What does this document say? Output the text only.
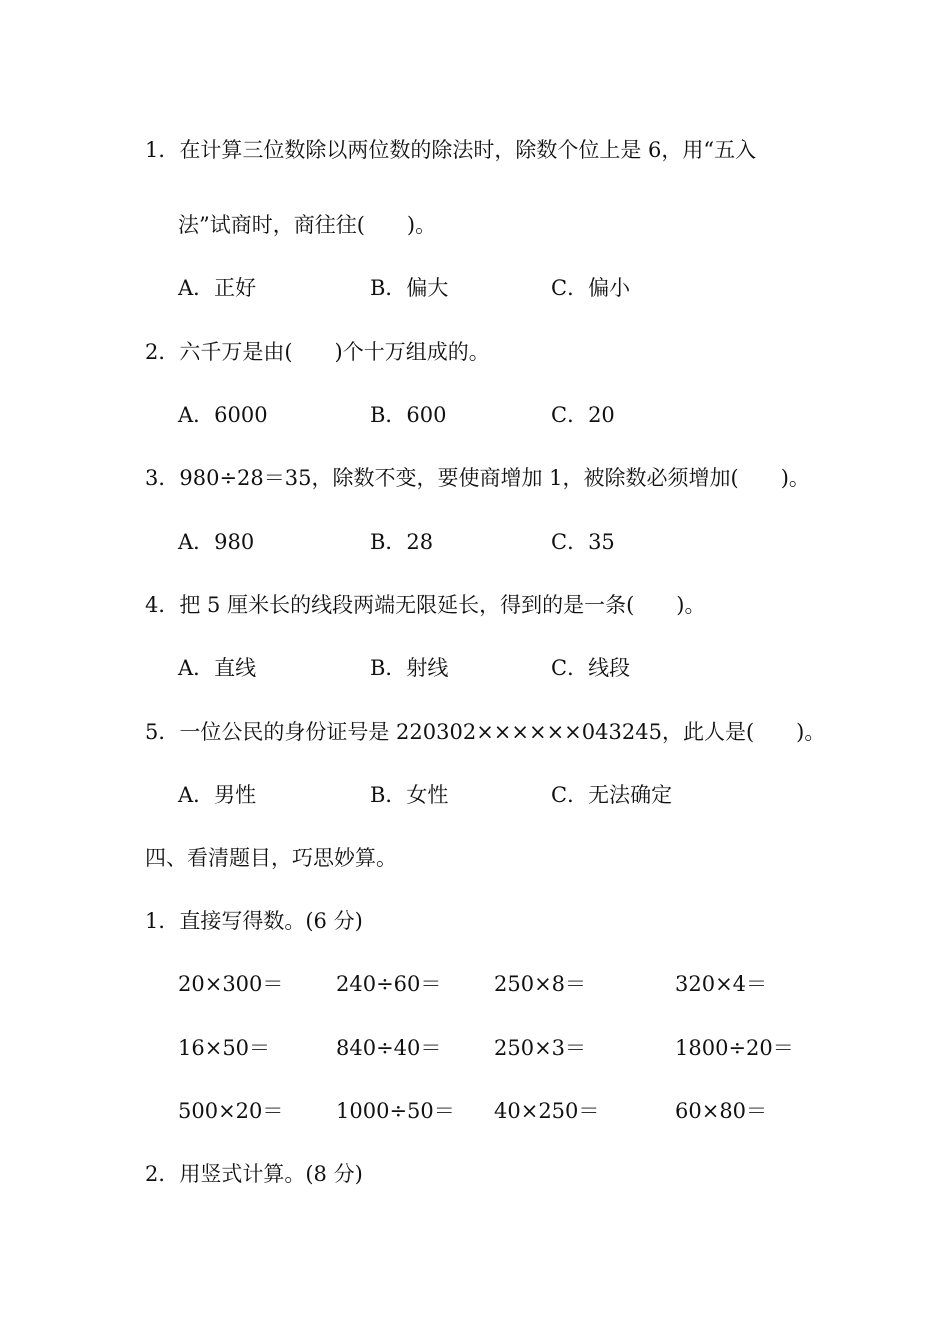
1．在计算三位数除以两位数的除法时，除数个位上是 6，用“五入
法”试商时，商往往(　　)。
A．正好	B．偏大	C．偏小
2．六千万是由(　　)个十万组成的。
A．6000	B．600	C．20
3．980÷28＝35，除数不变，要使商增加 1，被除数必须增加(　　)。
A．980	B．28	C．35
4．把 5 厘米长的线段两端无限延长，得到的是一条(　　)。
A．直线	B．射线	C．线段
5．一位公民的身份证号是 220302××××××043245，此人是(　　)。
A．男性	B．女性	C．无法确定
四、看清题目，巧思妙算。
1．直接写得数。(6 分)
20×300＝	240÷60＝	250×8＝	320×4＝
16×50＝	840÷40＝	250×3＝	1800÷20＝
500×20＝	1000÷50＝ 40×250＝	60×80＝
2．用竖式计算。(8 分)
